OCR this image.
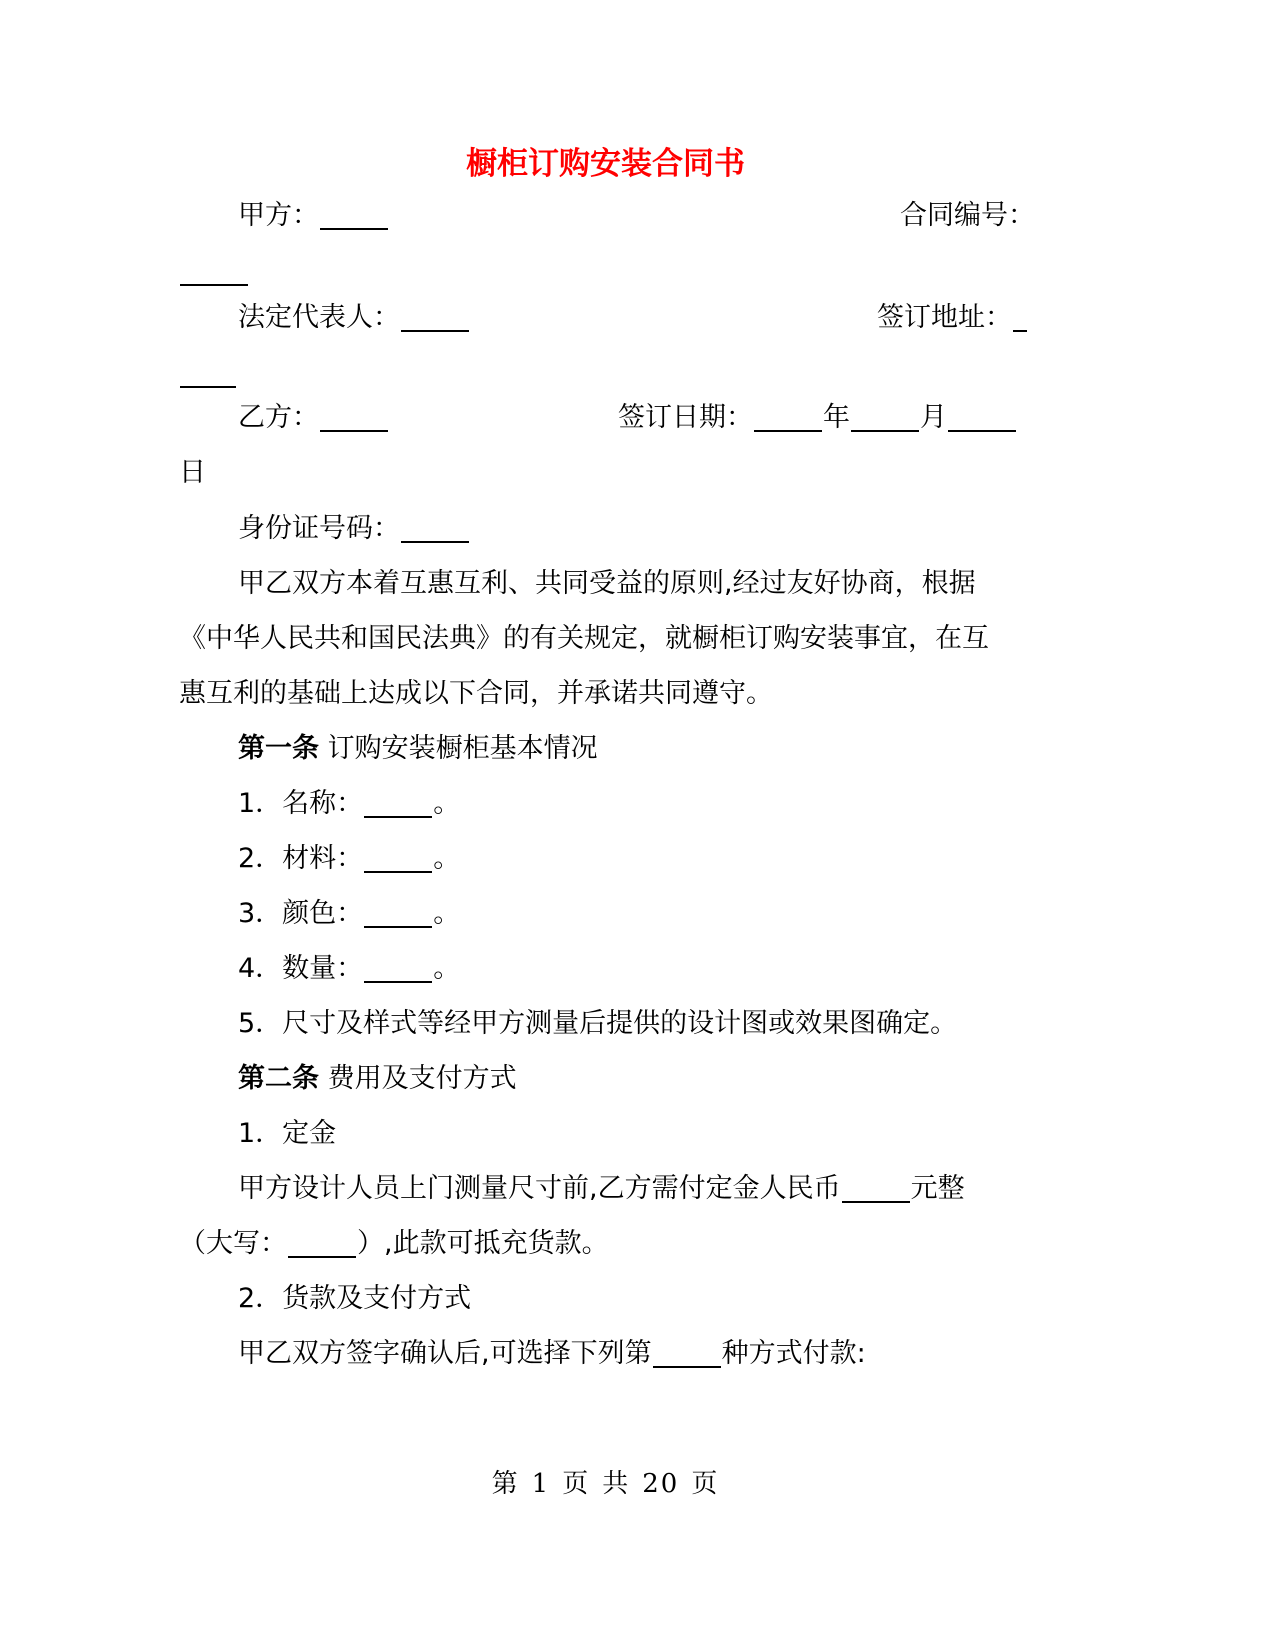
橱柜订购安装合同书
甲方：	合同编号：
法定代表人：	签订地址：
乙方：	签订日期：	年	月
日
身份证号码：
甲乙双方本着互惠互利、共同受益的原则,经过友好协商，根据
《中华人民共和国民法典》的有关规定，就橱柜订购安装事宜，在互
惠互利的基础上达成以下合同，并承诺共同遵守。
第一条 订购安装橱柜基本情况
1．名称：	。
2．材料：	。
3．颜色：	。
4．数量：	。
5．尺寸及样式等经甲方测量后提供的设计图或效果图确定。
第二条 费用及支付方式
1．定金
甲方设计人员上门测量尺寸前,乙方需付定金人民币	元整
（大写：	）,此款可抵充货款。
2．货款及支付方式
甲乙双方签字确认后,可选择下列第	种方式付款:
第 1 页 共 20 页
